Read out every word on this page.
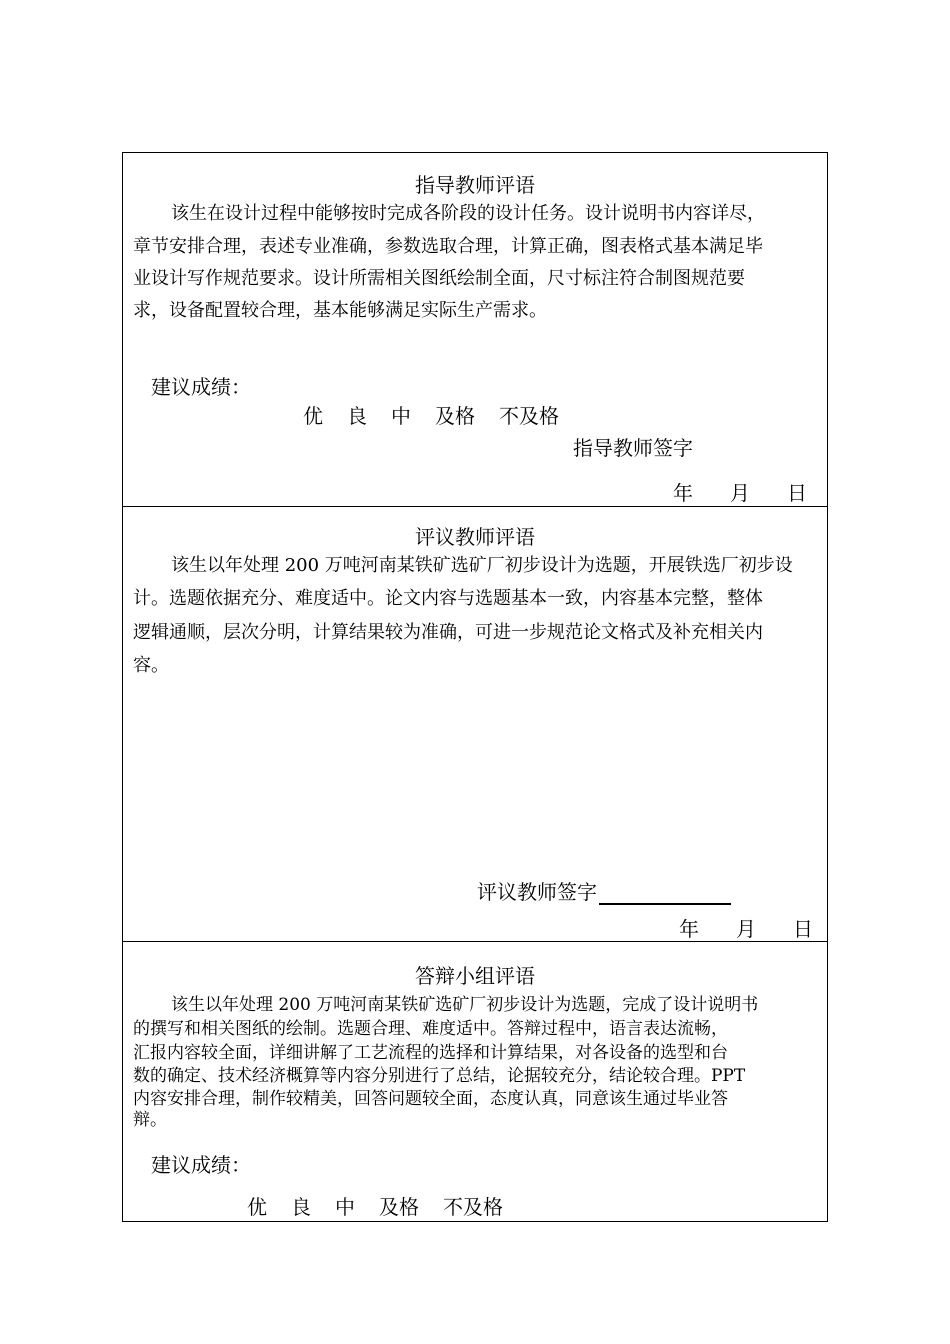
指导教师评语
该生在设计过程中能够按时完成各阶段的设计任务。设计说明书内容详尽，
章节安排合理，表述专业准确，参数选取合理，计算正确，图表格式基本满足毕
业设计写作规范要求。设计所需相关图纸绘制全面，尺寸标注符合制图规范要
求，设备配置较合理，基本能够满足实际生产需求。
建议成绩：
优 良 中 及格 不及格
指导教师签字
年 月 日
评议教师评语
该生以年处理 200 万吨河南某铁矿选矿厂初步设计为选题，开展铁选厂初步设
计。选题依据充分、难度适中。论文内容与选题基本一致，内容基本完整，整体
逻辑通顺，层次分明，计算结果较为准确，可进一步规范论文格式及补充相关内
容。
评议教师签字
年 月 日
答辩小组评语
该生以年处理 200 万吨河南某铁矿选矿厂初步设计为选题，完成了设计说明书
的撰写和相关图纸的绘制。选题合理、难度适中。答辩过程中，语言表达流畅，
汇报内容较全面，详细讲解了工艺流程的选择和计算结果，对各设备的选型和台
数的确定、技术经济概算等内容分别进行了总结，论据较充分，结论较合理。PPT
内容安排合理，制作较精美，回答问题较全面，态度认真，同意该生通过毕业答
辩。
建议成绩：
优 良 中 及格 不及格
